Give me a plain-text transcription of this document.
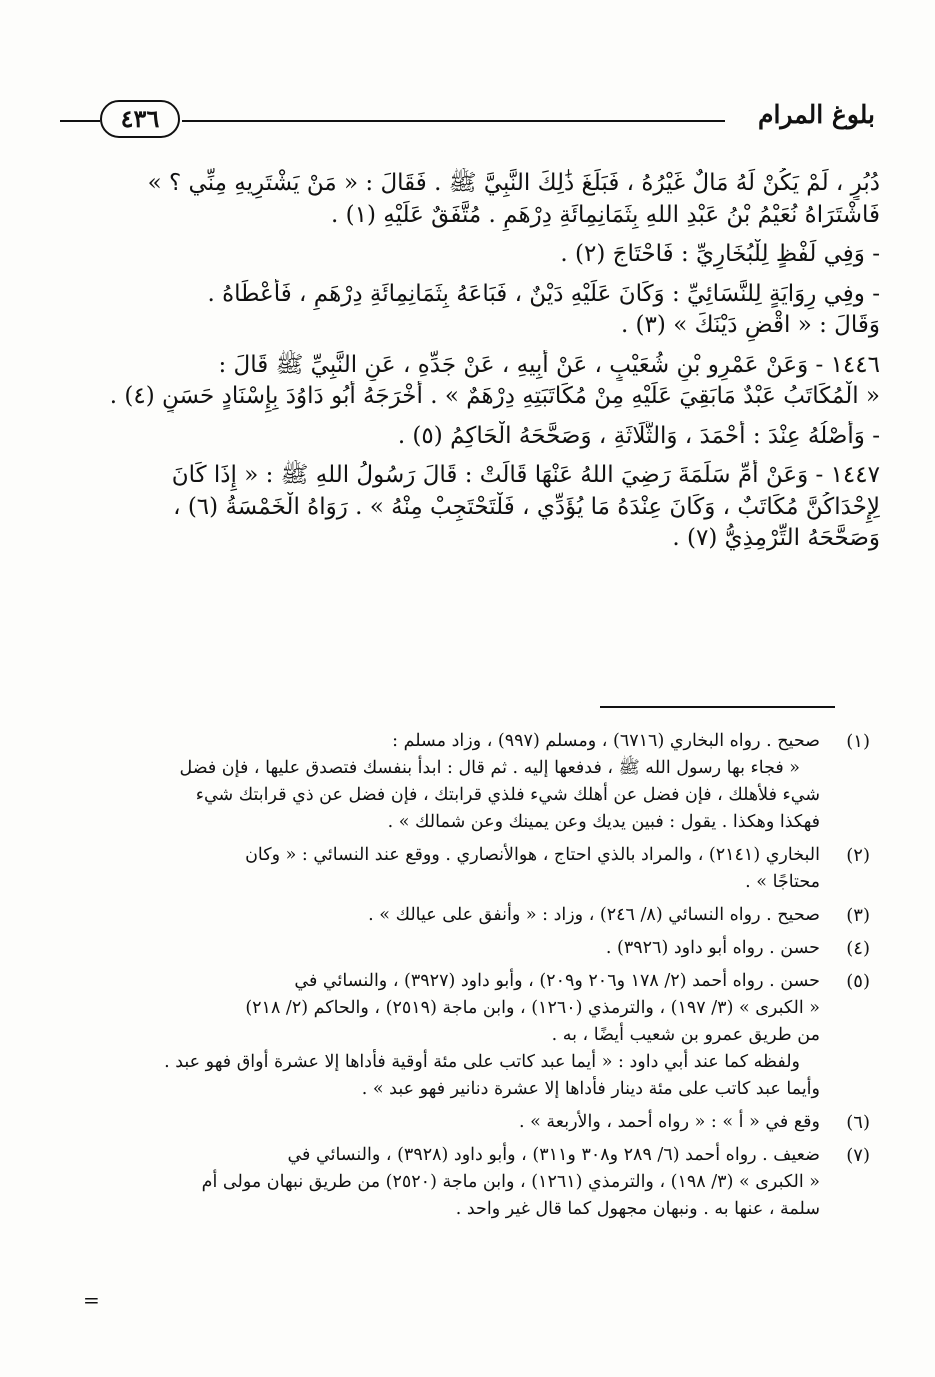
بلوغ المرام
٤٣٦
دُبُرٍ ، لَمْ يَكُنْ لَهُ مَالٌ غَيْرُهُ ، فَبَلَغَ ذَٰلِكَ النَّبِيَّ ﷺ . فَقَالَ : « مَنْ يَشْتَرِيهِ مِنِّي ؟ »
فَاشْتَرَاهُ نُعَيْمُ بْنُ عَبْدِ اللهِ بِثَمَانِمِائَةِ دِرْهَمٍ . مُتَّفَقٌ عَلَيْهِ (١) .
- وَفِي لَفْظٍ لِلْبُخَارِيِّ : فَاحْتَاجَ (٢) .
- وفِي رِوَايَةٍ لِلنَّسَائِيِّ : وَكَانَ عَلَيْهِ دَيْنٌ ، فَبَاعَهُ بِثَمَانِمِائَةِ دِرْهَمٍ ، فَأَعْطَاهُ .
وَقَالَ : « اقْضِ دَيْنَكَ » (٣) .
١٤٤٦ - وَعَنْ عَمْرِو بْنِ شُعَيْبٍ ، عَنْ أَبِيهِ ، عَنْ جَدِّهِ ، عَنِ النَّبِيِّ ﷺ قَالَ :
« الْمُكَاتَبُ عَبْدٌ مَابَقِيَ عَلَيْهِ مِنْ مُكَاتَبَتِهِ دِرْهَمٌ » . أَخْرَجَهُ أَبُو دَاوُدَ بِإِسْنَادٍ حَسَنٍ (٤) .
- وَأَصْلُهُ عِنْدَ : أَحْمَدَ ، وَالثَّلَاثَةِ ، وَصَحَّحَهُ الْحَاكِمُ (٥) .
١٤٤٧ - وَعَنْ أُمِّ سَلَمَةَ رَضِيَ اللهُ عَنْهَا قَالَتْ : قَالَ رَسُولُ اللهِ ﷺ : « إِذَا كَانَ
لِإِحْدَاكُنَّ مُكَاتَبٌ ، وَكَانَ عِنْدَهُ مَا يُؤَدِّي ، فَلْتَحْتَجِبْ مِنْهُ » . رَوَاهُ الْخَمْسَةُ (٦) ،
وَصَحَّحَهُ التِّرْمِذِيُّ (٧) .
(١)
صحيح . رواه البخاري (٦٧١٦) ، ومسلم (٩٩٧) ، وزاد مسلم :
« فجاء بها رسول الله ﷺ ، فدفعها إليه . ثم قال : ابدأ بنفسك فتصدق عليها ، فإن فضل
شيء فلأهلك ، فإن فضل عن أهلك شيء فلذي قرابتك ، فإن فضل عن ذي قرابتك شيء
فهكذا وهكذا . يقول : فبين يديك وعن يمينك وعن شمالك » .
(٢)
البخاري (٢١٤١) ، والمراد بالذي احتاج ، هوالأنصاري . ووقع عند النسائي : « وكان
محتاجًا » .
(٣)
صحيح . رواه النسائي (٨/ ٢٤٦) ، وزاد : « وأنفق على عيالك » .
(٤)
حسن . رواه أبو داود (٣٩٢٦) .
(٥)
حسن . رواه أحمد (٢/ ١٧٨ و٢٠٦ و٢٠٩) ، وأبو داود (٣٩٢٧) ، والنسائي في
« الكبرى » (٣/ ١٩٧) ، والترمذي (١٢٦٠) ، وابن ماجة (٢٥١٩) ، والحاكم (٢/ ٢١٨)
من طريق عمرو بن شعيب أيضًا ، به .
ولفظه كما عند أبي داود : « أيما عبد كاتب على مئة أوقية فأداها إلا عشرة أواق فهو عبد .
وأيما عبد كاتب على مئة دينار فأداها إلا عشرة دنانير فهو عبد » .
(٦)
وقع في « أ » : « رواه أحمد ، والأربعة » .
(٧)
ضعيف . رواه أحمد (٦/ ٢٨٩ و٣٠٨ و٣١١) ، وأبو داود (٣٩٢٨) ، والنسائي في
« الكبرى » (٣/ ١٩٨) ، والترمذي (١٢٦١) ، وابن ماجة (٢٥٢٠) من طريق نبهان مولى أم
سلمة ، عنها به . ونبهان مجهول كما قال غير واحد .
=
